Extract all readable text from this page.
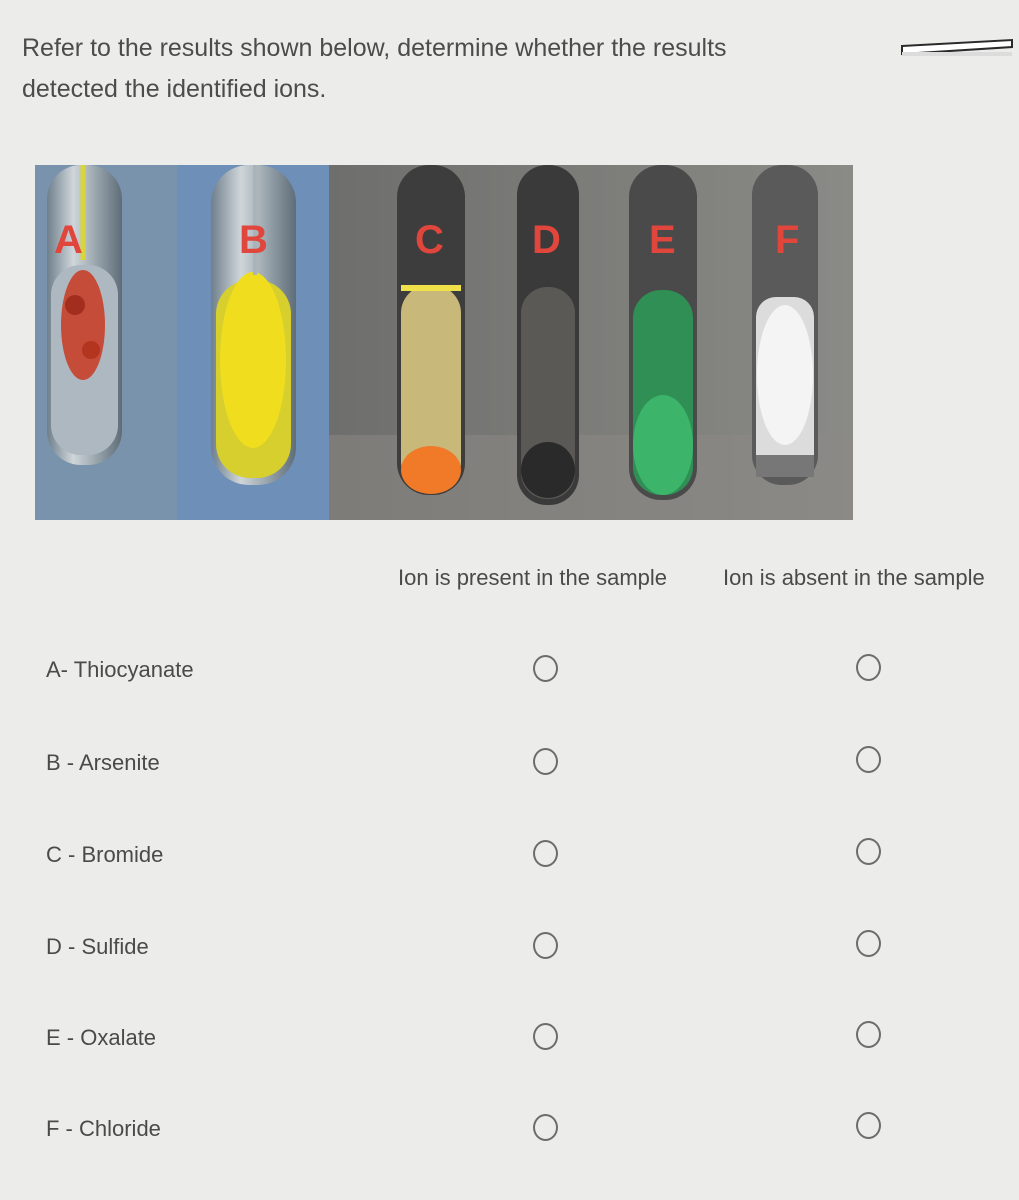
Refer to the results shown below, determine whether the results
detected the identified ions.
A	B	C D E F
Ion is present in the sample	Ion is absent in the sample
A- Thiocyanate
B - Arsenite
C - Bromide
D - Sulfide
E - Oxalate
F - Chloride
